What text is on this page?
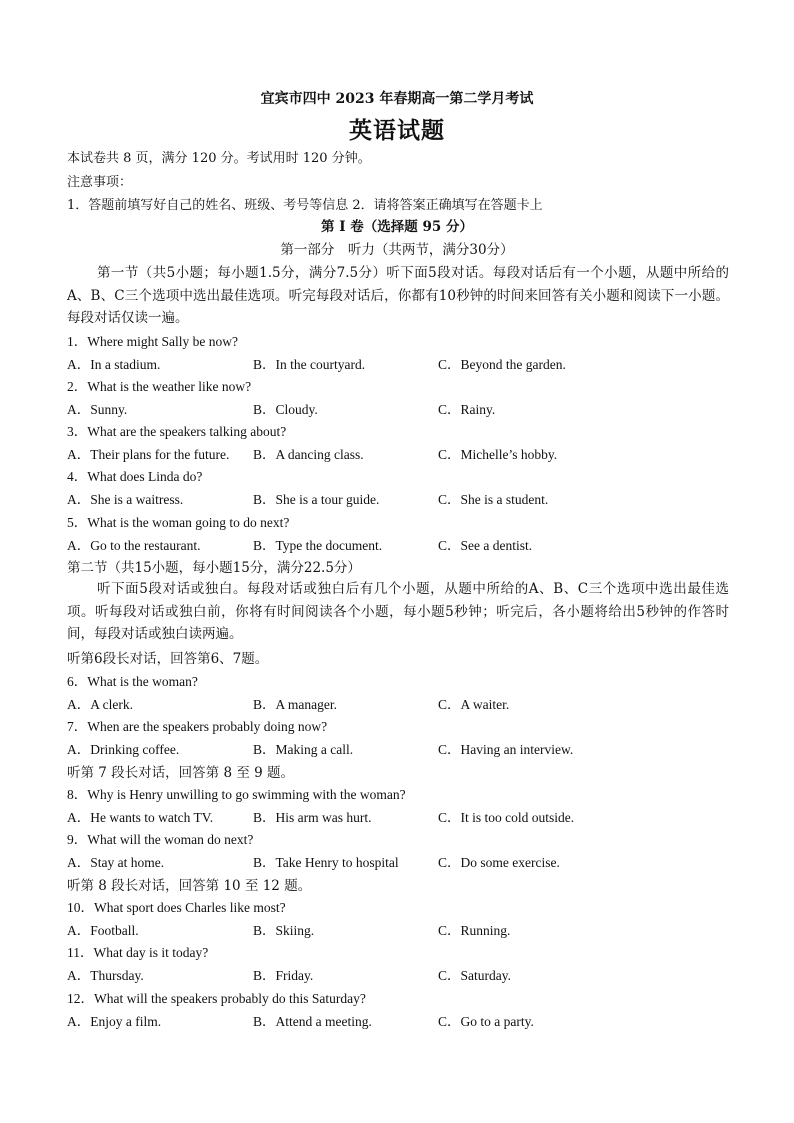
宜宾市四中 2023 年春期高一第二学月考试
英语试题
本试卷共 8 页，满分 120 分。考试用时 120 分钟。
注意事项：
1．答题前填写好自己的姓名、班级、考号等信息 2．请将答案正确填写在答题卡上
第 I 卷（选择题 95 分）
第一部分　听力（共两节，满分30分）
第一节（共5小题；每小题1.5分，满分7.5分）听下面5段对话。每段对话后有一个小题，从题中所给的A、B、C三个选项中选出最佳选项。听完每段对话后，你都有10秒钟的时间来回答有关小题和阅读下一小题。每段对话仅读一遍。
第二节（共15小题，每小题15分，满分22.5分）
听下面5段对话或独白。每段对话或独白后有几个小题，从题中所给的A、B、C三个选项中选出最佳选项。听每段对话或独白前，你将有时间阅读各个小题，每小题5秒钟；听完后，各小题将给出5秒钟的作答时间，每段对话或独白读两遍。
听第6段长对话，回答第6、7题。
听第 7 段长对话，回答第 8 至 9 题。
听第 8 段长对话，回答第 10 至 12 题。
1．Where might Sally be now?
A．In a stadium.	B．In the courtyard.	C．Beyond the garden.
2．What is the weather like now?
A．Sunny.	B．Cloudy.	C．Rainy.
3．What are the speakers talking about?
A．Their plans for the future. B．A dancing class.	C．Michelle’s hobby.
4．What does Linda do?
A．She is a waitress.	B．She is a tour guide.	C．She is a student.
5．What is the woman going to do next?
A．Go to the restaurant.	B．Type the document.	C．See a dentist.
6．What is the woman?
A．A clerk.	B．A manager.	C．A waiter.
7．When are the speakers probably doing now?
A．Drinking coffee.	B．Making a call.	C．Having an interview.
8．Why is Henry unwilling to go swimming with the woman?
A．He wants to watch TV.	B．His arm was hurt.	C．It is too cold outside.
9．What will the woman do next?
A．Stay at home.	B．Take Henry to hospital	C．Do some exercise.
10．What sport does Charles like most?
A．Football.	B．Skiing.	C．Running.
11．What day is it today?
A．Thursday.	B．Friday.	C．Saturday.
12．What will the speakers probably do this Saturday?
A．Enjoy a film.	B．Attend a meeting.	C．Go to a party.
